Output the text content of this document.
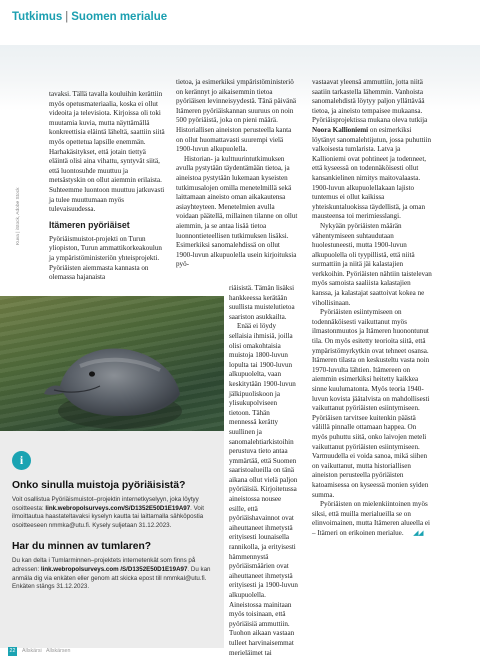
Tutkimus | Suomen merialue

tavaksi. Tällä tavalla kouluihin kerättiin myös opetusmateriaalia, koska ei ollut videoita ja televisiota. Kirjoissa oli toki muutamia kuvia, mutta näyttämällä konkreettisia eläintä läheltä, saattiin siitä myös opettetua lapsille enemmän. Harhakäsitykset, että jotain tiettyä eläintä olisi aina vihattu, syntyvät siitä, että luontosuhde muuttuu ja metsästyskin on ollut aiemmin erilaista. Suhteemme luontoon muuttuu jatkuvasti ja tulee muuttumaan myös tulevaisuudessa.

Itämeren pyöriäiset

Pyöriäismuistot-projekti on Turun yliopiston, Turun ammattikorkeakoulun ja ympäristöministeriön yhteisprojekti. Pyöriäisten aiemmasta kannasta on olemassa hajanaista

Kuva | iStock, Adobe Stock

tietoa, ja esimerkiksi ympäristöministeriö on kerännyt jo aikaisemmin tietoa pyöriäisen levinneisyydestä. Tänä päivänä Itämeren pyöriäiskannan suuruus on noin 500 pyöriäistä, joka on pieni määrä. Historiallisen aineiston perusteella kanta on ollut huomattavasti suurempi vielä 1900-luvun alkupuolella.

Historian- ja kulttuurintutkimuksen avulla pystytään täydentämään tietoa, ja aineistoa pystytään lukemaan kyseisten tutkimusalojen omilla menetelmillä sekä laittamaan aineisto oman aikakautensa asiayhteyteen. Menetelmien avulla voidaan päätellä, millainen tilanne on ollut aiemmin, ja se antaa lisää tietoa luonnontieteellisen tutkimuksen lisäksi. Esimerkiksi sanomalehdissä on ollut 1900-luvun alkupuolella usein kirjoituksia pyö-

riäisistä. Tämän lisäksi hankkeessa kerätään suullista muistelutietoa saariston asukkailta.

Enää ei löydy sellaisia ihmisiä, joilla olisi omakohtaisia muistoja 1800-luvun lopulta tai 1900-luvun alkupuolelta, vaan keskitytään 1900-luvun jälkipuoliskoon ja ylisukupolviseen tietoon. Tähän mennessä kerätty suullinen ja sanomalehtiarkistoihin perustuva tieto antaa ymmärtää, että Suomen saaristoalueilla on tänä aikana ollut vielä paljon pyöriäisiä. Kirjoitetussa aineistossa nousee esille, että pyöriäishavainnot ovat aiheuttaneet ihmetystä erityisesti lounaisella rannikolla, ja erityisesti hämmennystä pyöriäismäärien ovat aiheuttaneet ihmetystä erityisesti ja 1900-luvun alkupuolella. Aineistossa mainitaan myös toisinaan, että pyöriäisiä ammuttiin. Tuohon aikaan vastaan tulleet harvinaisemmat merieläimet tai

vastaavat yleensä ammuttiin, jotta niitä saatiin tarkastella lähemmin. Vanhoista sanomalehdistä löytyy paljon yllättävää tietoa, ja aineisto tempaisee mukaansa. Pyöriäisprojektissa mukana oleva tutkija Noora Kallioniemi on esimerkiksi löytänyt sanomalehtijutun, jossa puhuttiin valkoisesta tumlarista. Latva ja Kallioniemi ovat pohtineet ja todenneet, että kyseessä on todennäköisesti ollut kansankielinen nimitys maitovalaasta. 1900-luvun alkupuolellakaan lajisto tuntemus ei ollut kaikissa yhteiskuntaluokissa täydellistä, ja oman mausteensa toi merimiesslangi.

Nykyään pyöriäisten määrän vähentymiseen suhtaudutaan huolestuneesti, mutta 1900-luvun alkupuolella oli tyypillistä, että niitä surmattiin ja niitä jäi kalastajien verkkoihin. Pyöriäisten nähtiin taistelevan myös samoista saaliista kalastajien kanssa, ja kalastajat saattoivat kokea ne vihollisinaan.

Pyöriäisten esiintymiseen on todennäköisesti vaikuttanut myös ilmastonmuutos ja Itämeren huonontunut tila. On myös esitetty teorioita siitä, että ympäristömyrkytkin ovat tehneet osansa. Itämeren tilasta on keskusteltu vasta noin 1970-luvulta lähtien. Itämereen on aiemmin esimerkiksi heitetty kaikkea sinne kuulumatonta. Myös teoria 1940-luvun kovista jäätalvista on mahdollisesti vaikuttanut pyöriäisten esiintymiseen. Pyöriäisen tarvitsee kuitenkin päästä välillä pinnalle ottamaan happea. On myös puhuttu siitä, onko laivojen meteli vaikuttanut pyöriäisten esiintymiseen. Varmuudella ei voida sanoa, mikä siihen on vaikuttanut, mutta historiallisen aineiston perusteella pyöriäisten katoamisessa on kyseessä monien syiden summa.

Pyöriäisten on mielenkiintoinen myös siksi, että muilla merialueilla se on elinvoimainen, mutta Itämeren alueella ei – Itämeri on erikoinen merialue. ◢◢

i
Onko sinulla muistoja pyöriäisistä?

Voit osallistua Pyöriäismuistot–projektin internetkyselyyn, joka löytyy osoitteesta: link.webropolsurveys.com/S/D1352E50D1E19A97. Voit ilmoittautua haastateltavaksi kyselyn kautta tai laittamalla sähköpostia osoitteeseen nmmka@utu.fi. Kysely suljetaan 31.12.2023.

Har du minnen av tumlaren?

Du kan delta i Tumlarminnen–projektets internetenkät som finns på adressen: link.webropolsurveys.com /S/D1352E50D1E19A97. Du kan anmäla dig via enkäten eller genom att skicka epost till nmmkal@utu.fi. Enkäten stängs 31.12.2023.

22 Allskärsi Allskärsen
